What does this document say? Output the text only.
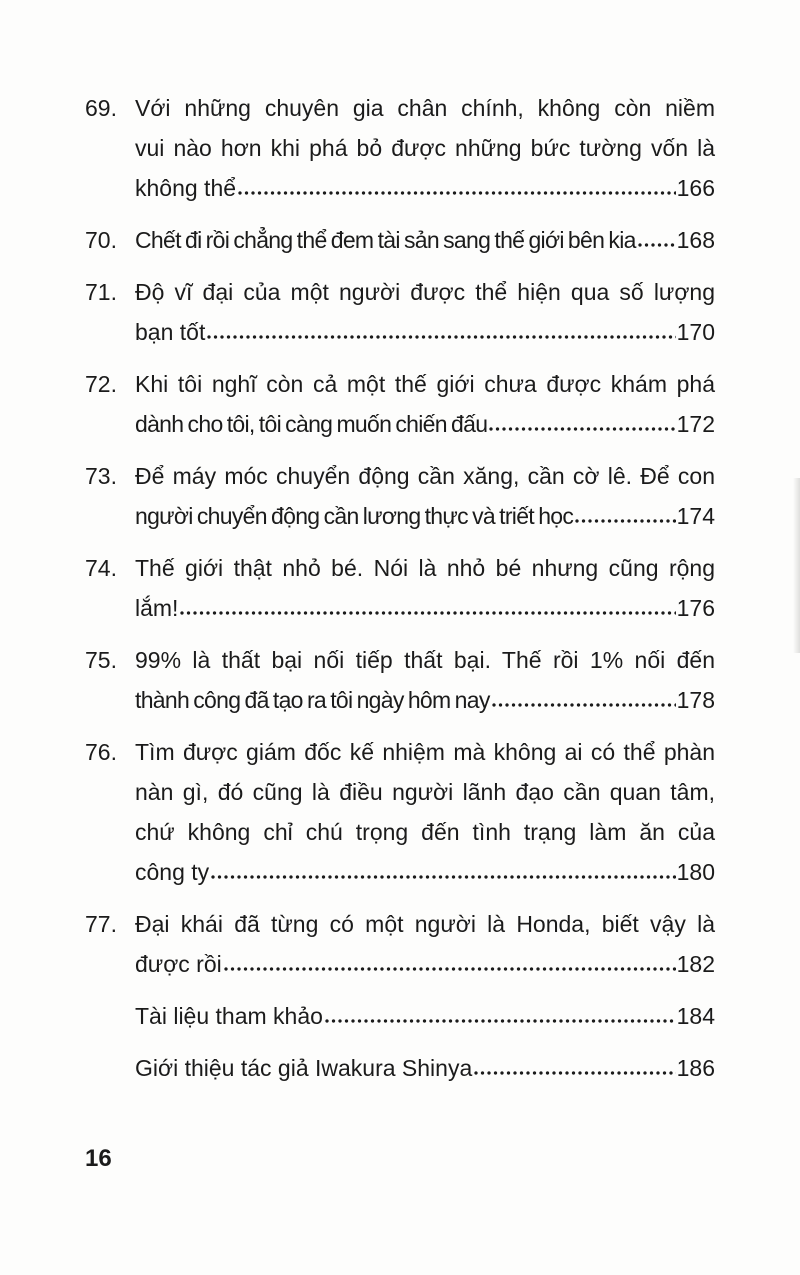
69. Với những chuyên gia chân chính, không còn niềm
vui nào hơn khi phá bỏ được những bức tường vốn là
không thể	166
70. Chết đi rồi chẳng thể đem tài sản sang thế giới bên kia 168
71. Độ vĩ đại của một người được thể hiện qua số lượng
bạn tốt	170
72. Khi tôi nghĩ còn cả một thế giới chưa được khám phá
dành cho tôi, tôi càng muốn chiến đấu	172
73. Để máy móc chuyển động cần xăng, cần cờ lê. Để con
người chuyển động cần lương thực và triết học	174
74. Thế giới thật nhỏ bé. Nói là nhỏ bé nhưng cũng rộng
lắm!	176
75. 99% là thất bại nối tiếp thất bại. Thế rồi 1% nối đến
thành công đã tạo ra tôi ngày hôm nay	178
76. Tìm được giám đốc kế nhiệm mà không ai có thể phàn
nàn gì, đó cũng là điều người lãnh đạo cần quan tâm,
chứ không chỉ chú trọng đến tình trạng làm ăn của
công ty	180
77. Đại khái đã từng có một người là Honda, biết vậy là
được rồi	182
Tài liệu tham khảo	184
Giới thiệu tác giả Iwakura Shinya	186
16
